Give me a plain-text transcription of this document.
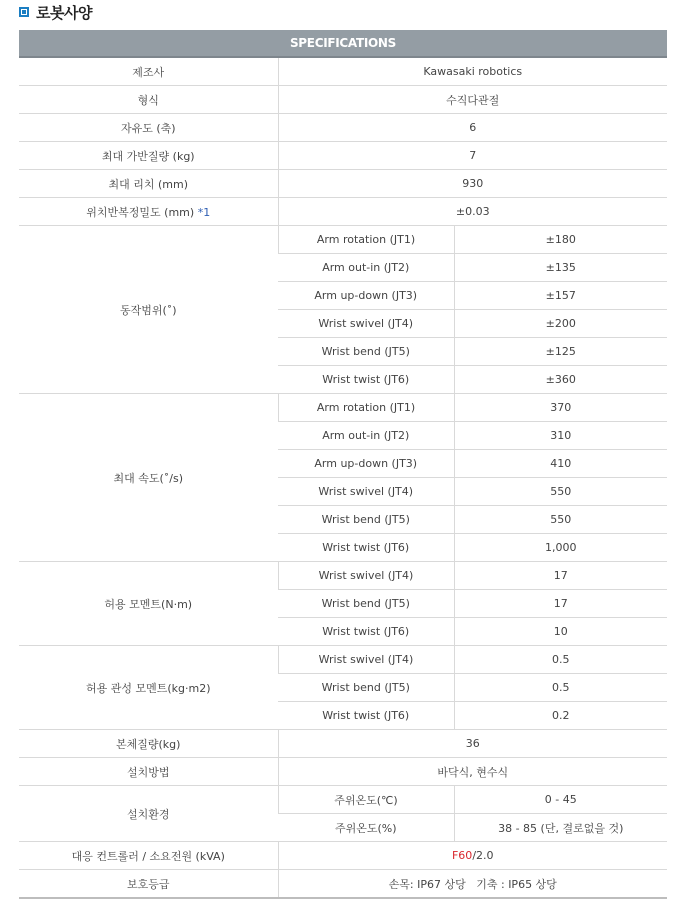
로봇사양
SPECIFICATIONS		
제조사	Kawasaki robotics	
형식	수직다관절	
자유도 (축)	6	
최대 가반질량 (kg)	7	
최대 리치 (mm)	930	
위치반복정밀도 (mm) *1	±0.03	
동작범위(˚)	Arm rotation (JT1)	±180
	Arm out-in (JT2)	±135
	Arm up-down (JT3)	±157
	Wrist swivel (JT4)	±200
	Wrist bend (JT5)	±125
	Wrist twist (JT6)	±360
최대 속도(˚/s)	Arm rotation (JT1)	370
	Arm out-in (JT2)	310
	Arm up-down (JT3)	410
	Wrist swivel (JT4)	550
	Wrist bend (JT5)	550
	Wrist twist (JT6)	1,000
허용 모멘트(N·m)	Wrist swivel (JT4)	17
	Wrist bend (JT5)	17
	Wrist twist (JT6)	10
허용 관성 모멘트(kg·m2)	Wrist swivel (JT4)	0.5
	Wrist bend (JT5)	0.5
	Wrist twist (JT6)	0.2
본체질량(kg)	36	
설치방법	바닥식, 현수식	
설치환경	주위온도(℃)	0 - 45
	주위온도(%)	38 - 85 (단, 결로없을 것)
대응 컨트롤러 / 소요전원 (kVA)	F60/2.0	
보호등급	손목: IP67 상당   기축 : IP65 상당	
